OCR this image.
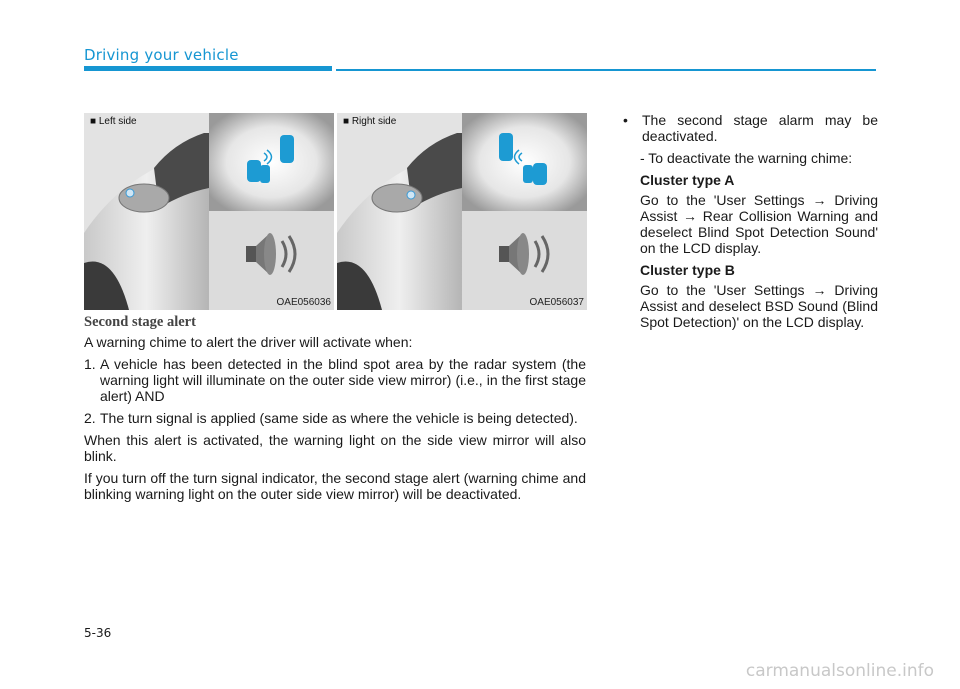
Driving your vehicle
■ Left side
OAE056036
■ Right side
OAE056037
Second stage alert

A warning chime to alert the driver will activate when:

1. A vehicle has been detected in the blind spot area by the radar system (the warning light will illuminate on the outer side view mirror) (i.e., in the first stage alert) AND
2. The turn signal is applied (same side as where the vehicle is being detected).

When this alert is activated, the warning light on the side view mirror will also blink.

If you turn off the turn signal indicator, the second stage alert (warning chime and blinking warning light on the outer side view mirror) will be deactivated.

•	The second stage alarm may be deactivated.

- To deactivate the warning chime:

Cluster type A

Go to the 'User Settings → Driving Assist → Rear Collision Warning and deselect Blind Spot Detection Sound' on the LCD display.

Cluster type B

Go to the 'User Settings → Driving Assist and deselect BSD Sound (Blind Spot Detection)' on the LCD display.

5-36
carmanualsonline.info
